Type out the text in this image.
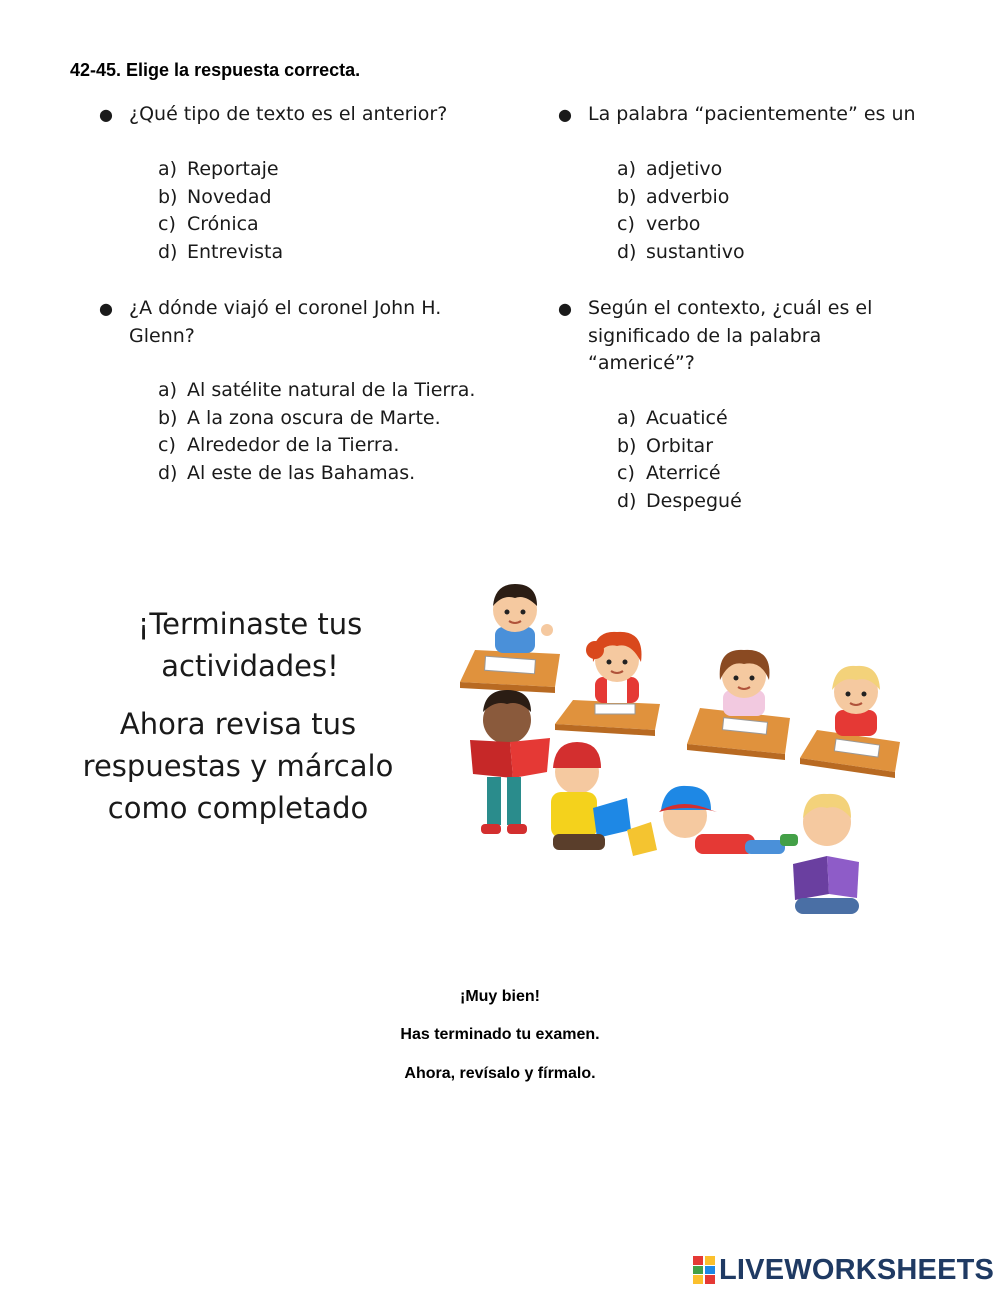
42-45. Elige la respuesta correcta.
● ¿Qué tipo de texto es el anterior?
a) Reportaje
b) Novedad
c) Crónica
d) Entrevista
● ¿A dónde viajó el coronel John H. Glenn?
a) Al satélite natural de la Tierra.
b) A la zona oscura de Marte.
c) Alrededor de la Tierra.
d) Al este de las Bahamas.
● La palabra “pacientemente” es un
a) adjetivo
b) adverbio
c) verbo
d) sustantivo
● Según el contexto, ¿cuál es el significado de la palabra “americé”?
a) Acuaticé
b) Orbitar
c) Aterricé
d) Despegué
¡Terminaste tus actividades!
Ahora revisa tus respuestas y márcalo como completado
¡Muy bien!
Has terminado tu examen.
Ahora, revísalo y fírmalo.
LIVEWORKSHEETS
